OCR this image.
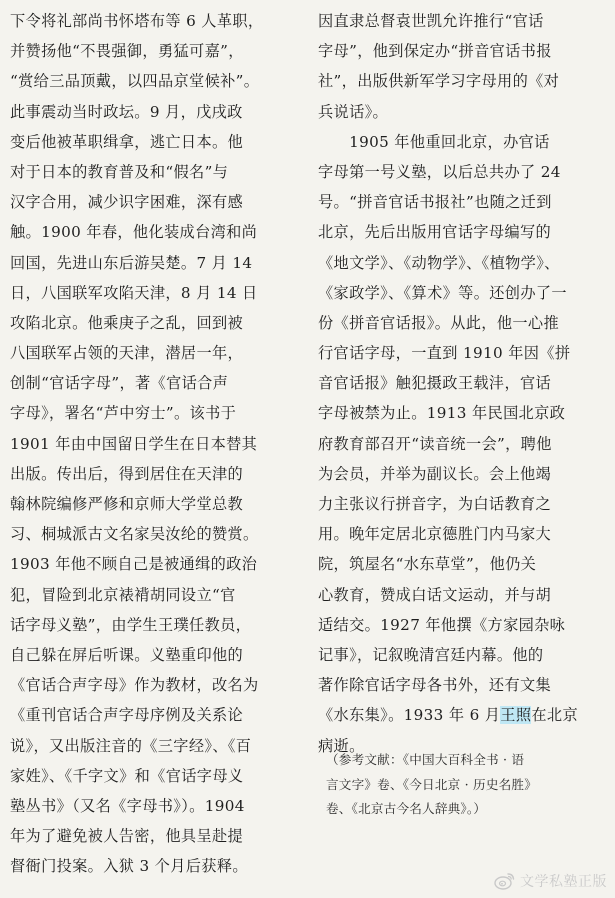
下令将礼部尚书怀塔布等 6 人革职，
并赞扬他“不畏强御，勇猛可嘉”，
“赏给三品顶戴，以四品京堂候补”。
此事震动当时政坛。9 月，戊戌政
变后他被革职缉拿，逃亡日本。他
对于日本的教育普及和“假名”与
汉字合用，减少识字困难，深有感
触。1900 年春，他化装成台湾和尚
回国，先进山东后游吴楚。7 月 14
日，八国联军攻陷天津，8 月 14 日
攻陷北京。他乘庚子之乱，回到被
八国联军占领的天津，潜居一年，
创制“官话字母”，著《官话合声
字母》，署名“芦中穷士”。该书于
1901 年由中国留日学生在日本替其
出版。传出后，得到居住在天津的
翰林院编修严修和京师大学堂总教
习、桐城派古文名家吴汝纶的赞赏。
1903 年他不顾自己是被通缉的政治
犯，冒险到北京裱褙胡同设立“官
话字母义塾”，由学生王璞任教员，
自己躲在屏后听课。义塾重印他的
《官话合声字母》作为教材，改名为
《重刊官话合声字母序例及关系论
说》，又出版注音的《三字经》、《百
家姓》、《千字文》和《官话字母义
塾丛书》（又名《字母书》）。1904
年为了避免被人告密，他具呈赴提
督衙门投案。入狱 3 个月后获释。
因直隶总督袁世凯允许推行“官话
字母”，他到保定办“拼音官话书报
社”，出版供新军学习字母用的《对
兵说话》。
　　1905 年他重回北京，办官话
字母第一号义塾，以后总共办了 24
号。“拼音官话书报社”也随之迁到
北京，先后出版用官话字母编写的
《地文学》、《动物学》、《植物学》、
《家政学》、《算术》等。还创办了一
份《拼音官话报》。从此，他一心推
行官话字母，一直到 1910 年因《拼
音官话报》触犯摄政王载沣，官话
字母被禁为止。1913 年民国北京政
府教育部召开“读音统一会”，聘他
为会员，并举为副议长。会上他竭
力主张议行拼音字，为白话教育之
用。晚年定居北京德胜门内马家大
院，筑屋名“水东草堂”，他仍关
心教育，赞成白话文运动，并与胡
适结交。1927 年他撰《方家园杂咏
记事》，记叙晚清宫廷内幕。他的
著作除官话字母各书外，还有文集
《水东集》。1933 年 6 月王照在北京
病逝。
（参考文献：《中国大百科全书 · 语
言文字》卷、《今日北京 · 历史名胜》
卷、《北京古今名人辞典》。）
文学私塾正版
